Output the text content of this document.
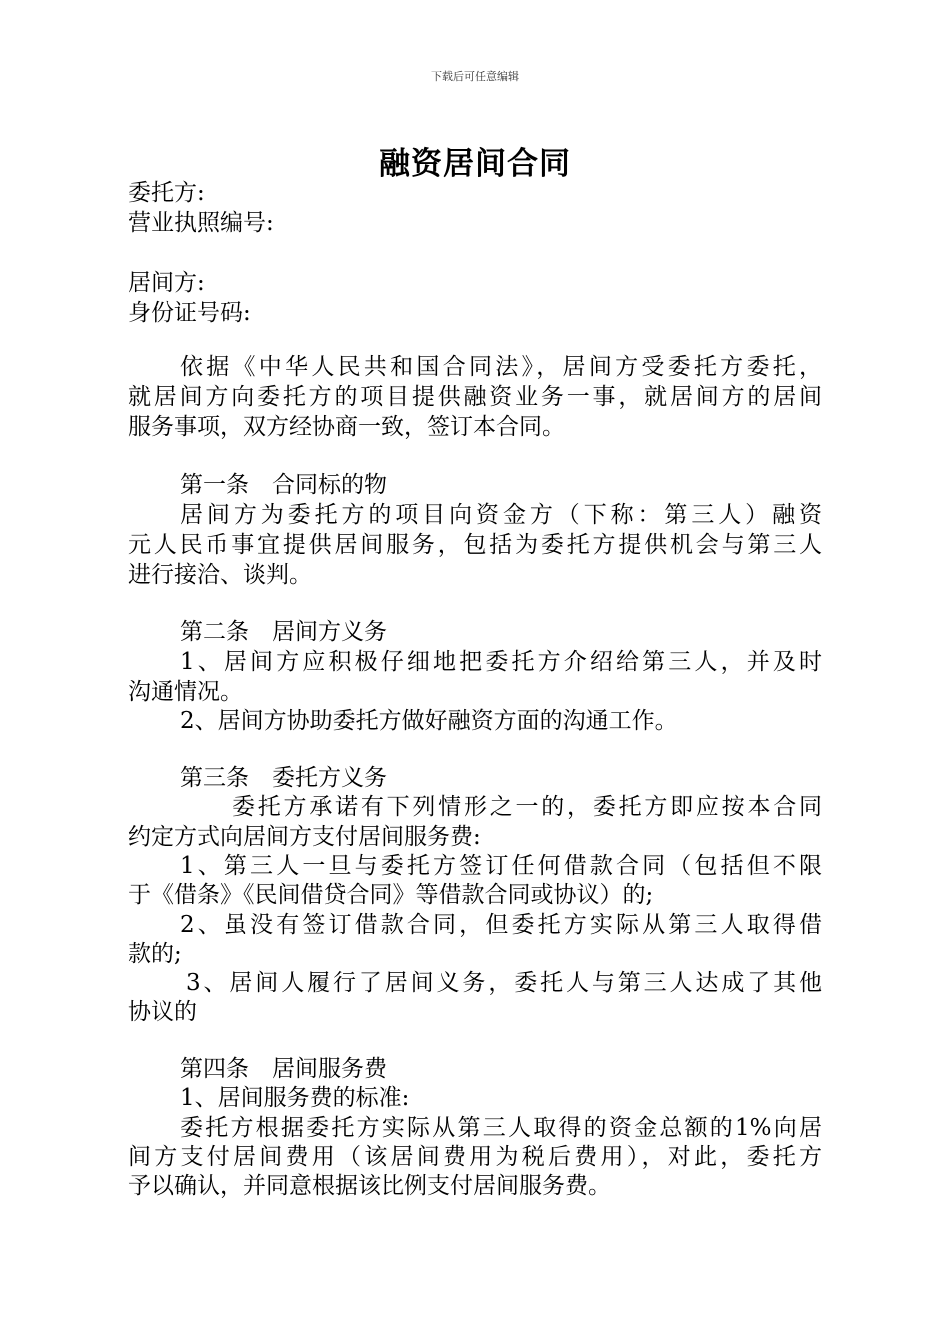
下载后可任意编辑
融资居间合同
委托方:
营业执照编号:
居间方:
身份证号码:
依据《中华人民共和国合同法》，居间方受委托方委托，
就居间方向委托方的项目提供融资业务一事，就居间方的居间
服务事项，双方经协商一致，签订本合同。
第一条　合同标的物
居间方为委托方的项目向资金方（下称：第三人）融资
元人民币事宜提供居间服务，包括为委托方提供机会与第三人
进行接洽、谈判。
第二条　居间方义务
1、居间方应积极仔细地把委托方介绍给第三人，并及时
沟通情况。
2、居间方协助委托方做好融资方面的沟通工作。
第三条　委托方义务
委托方承诺有下列情形之一的，委托方即应按本合同
约定方式向居间方支付居间服务费:
1、第三人一旦与委托方签订任何借款合同（包括但不限
于《借条》《民间借贷合同》等借款合同或协议）的;
2、虽没有签订借款合同，但委托方实际从第三人取得借
款的;
3、居间人履行了居间义务，委托人与第三人达成了其他
协议的
第四条　居间服务费
1、居间服务费的标准:
委托方根据委托方实际从第三人取得的资金总额的1%向居
间方支付居间费用（该居间费用为税后费用），对此，委托方
予以确认，并同意根据该比例支付居间服务费。
